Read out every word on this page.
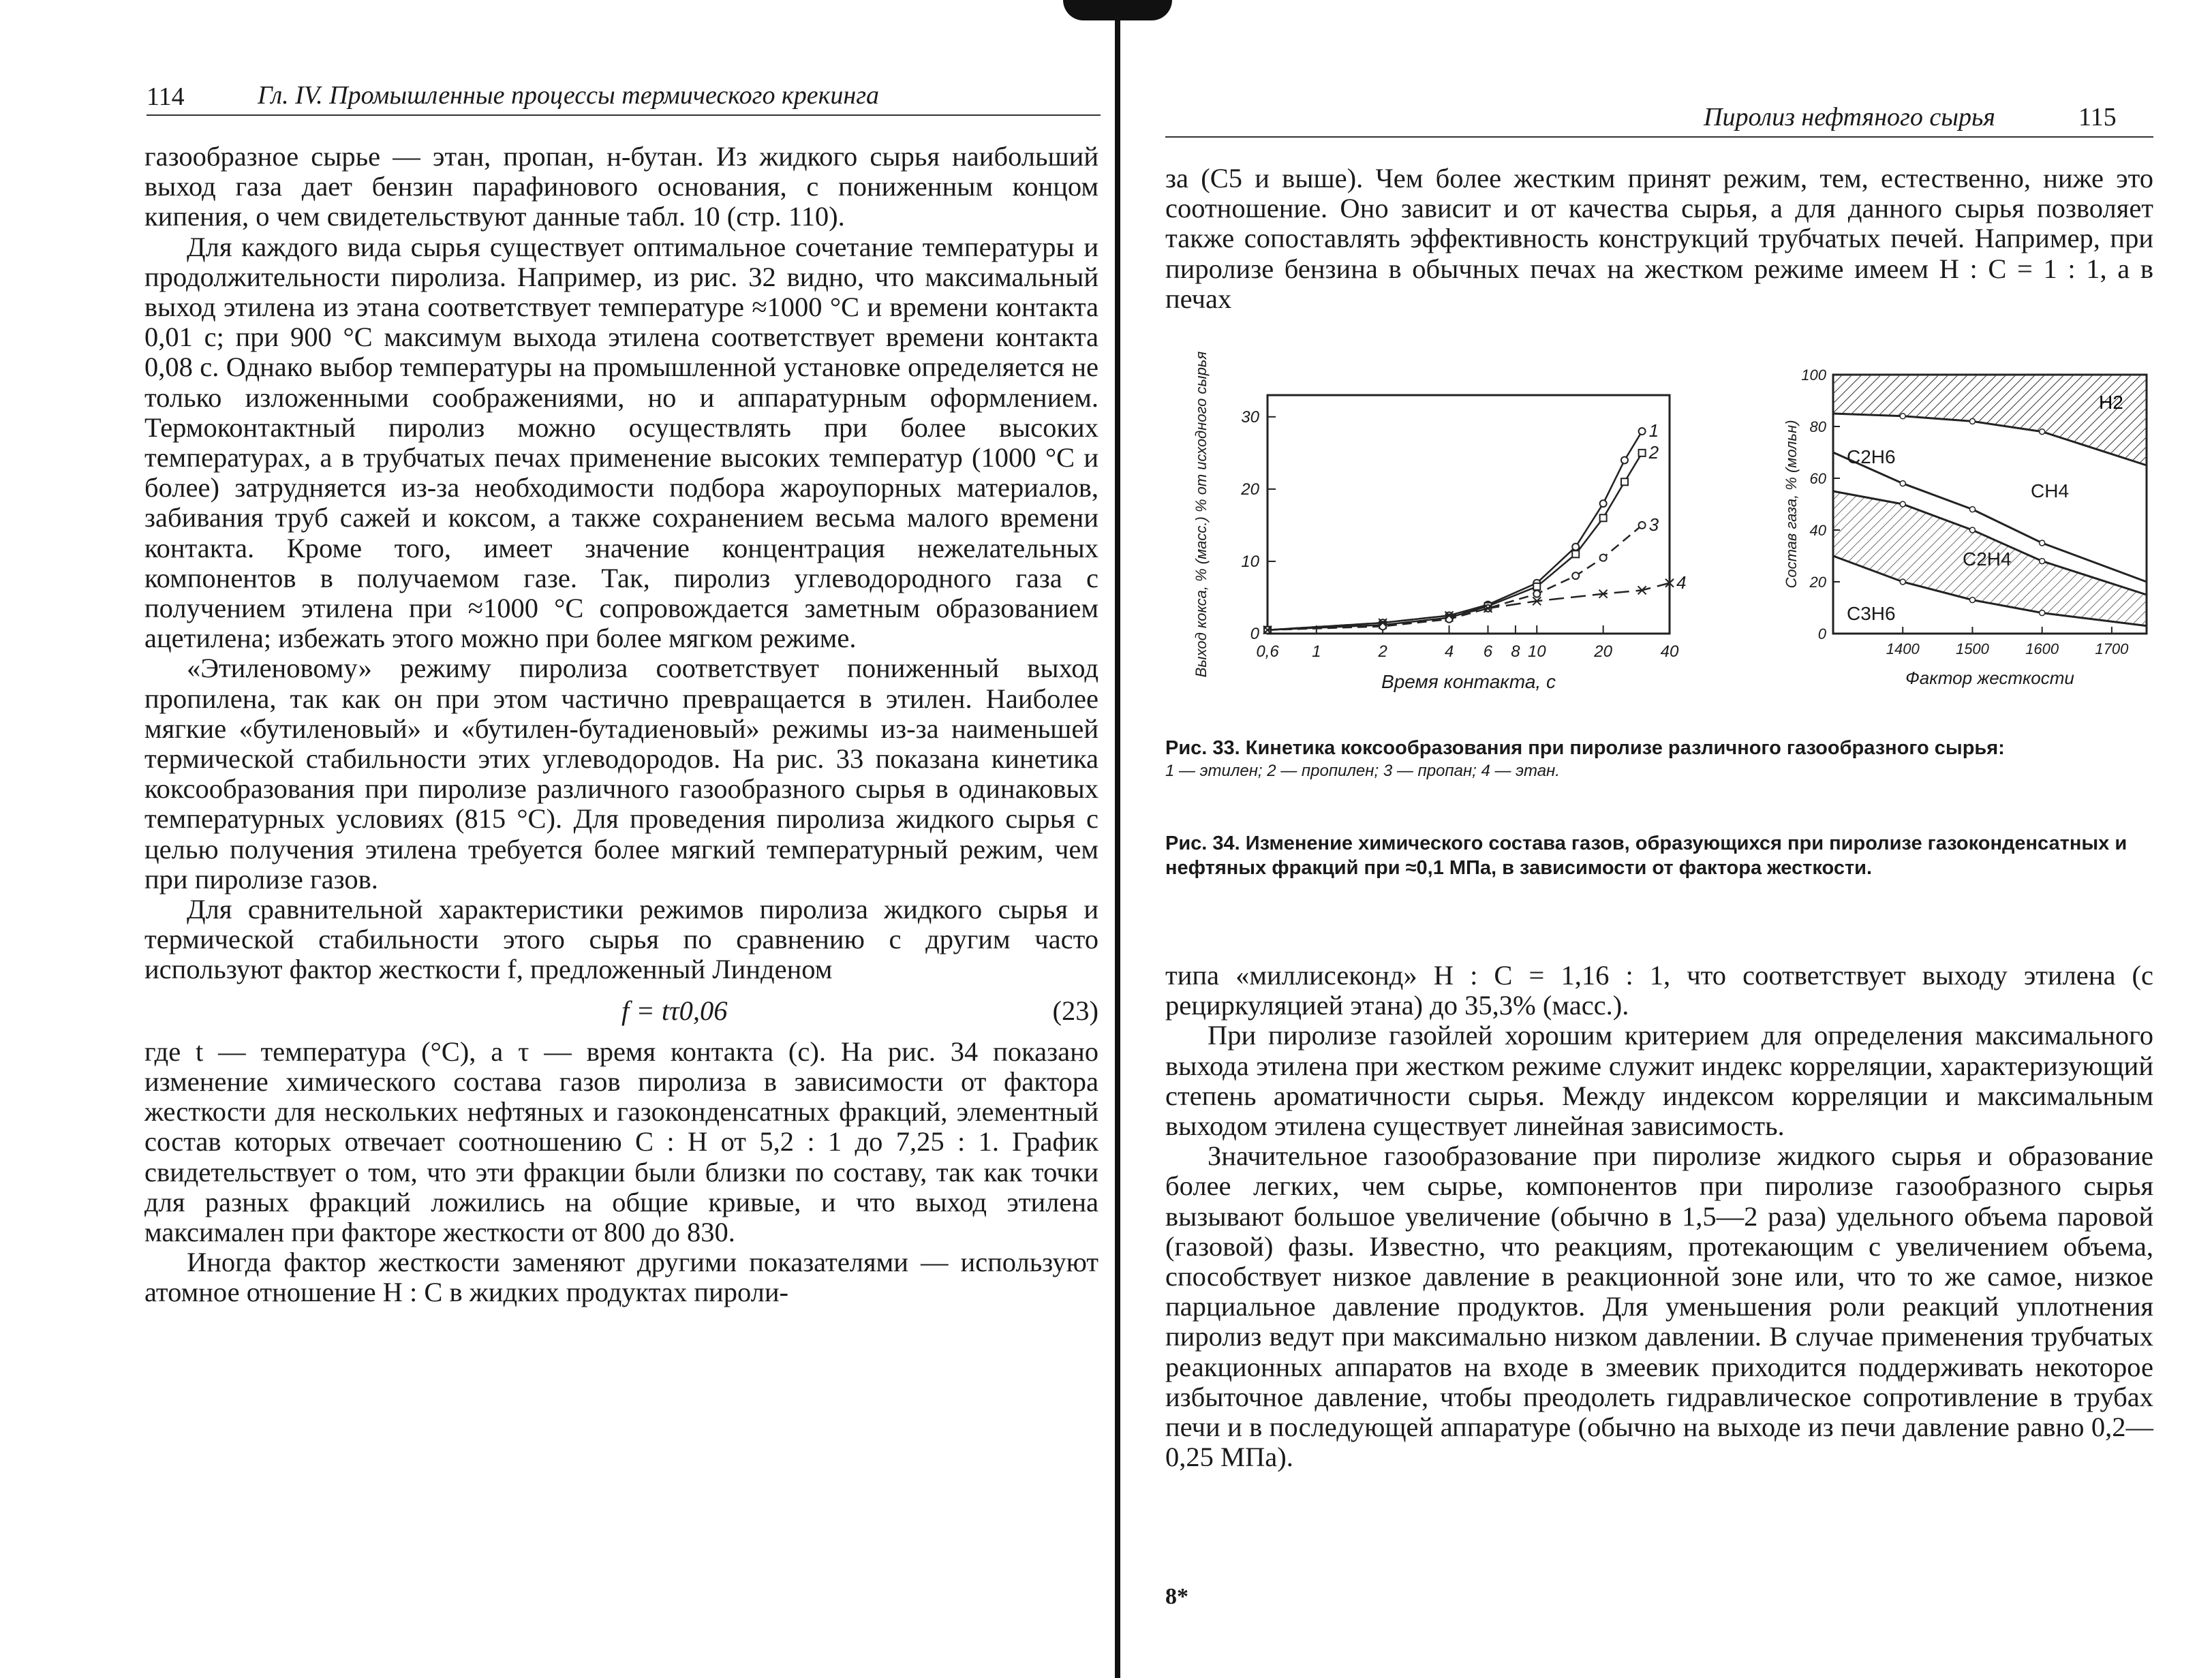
114	Гл. IV. Промышленные процессы термического крекинга

газообразное сырье — этан, пропан, н-бутан. Из жидкого сырья наибольший выход газа дает бензин парафинового основания, с пониженным концом кипения, о чем свидетельствуют данные табл. 10 (стр. 110).

Для каждого вида сырья существует оптимальное сочетание температуры и продолжительности пиролиза. Например, из рис. 32 видно, что максимальный выход этилена из этана соответствует температуре ≈1000 °C и времени контакта 0,01 с; при 900 °C максимум выхода этилена соответствует времени контакта 0,08 с. Однако выбор температуры на промышленной установке определяется не только изложенными соображениями, но и аппаратурным оформлением. Термоконтактный пиролиз можно осуществлять при более высоких температурах, а в трубчатых печах применение высоких температур (1000 °C и более) затрудняется из-за необходимости подбора жароупорных материалов, забивания труб сажей и коксом, а также сохранением весьма малого времени контакта. Кроме того, имеет значение концентрация нежелательных компонентов в получаемом газе. Так, пиролиз углеводородного газа с получением этилена при ≈1000 °C сопровождается заметным образованием ацетилена; избежать этого можно при более мягком режиме.

«Этиленовому» режиму пиролиза соответствует пониженный выход пропилена, так как он при этом частично превращается в этилен. Наиболее мягкие «бутиленовый» и «бутилен-бутадиеновый» режимы из-за наименьшей термической стабильности этих углеводородов. На рис. 33 показана кинетика коксообразования при пиролизе различного газообразного сырья в одинаковых температурных условиях (815 °C). Для проведения пиролиза жидкого сырья с целью получения этилена требуется более мягкий температурный режим, чем при пиролизе газов.

Для сравнительной характеристики режимов пиролиза жидкого сырья и термической стабильности этого сырья по сравнению с другим часто используют фактор жесткости f, предложенный Линденом

f = tτ0,06	(23)

где t — температура (°C), а τ — время контакта (с). На рис. 34 показано изменение химического состава газов пиролиза в зависимости от фактора жесткости для нескольких нефтяных и газоконденсатных фракций, элементный состав которых отвечает соотношению C : H от 5,2 : 1 до 7,25 : 1. График свидетельствует о том, что эти фракции были близки по составу, так как точки для разных фракций ложились на общие кривые, и что выход этилена максимален при факторе жесткости от 800 до 830.

Иногда фактор жесткости заменяют другими показателями — используют атомное отношение H : C в жидких продуктах пироли-

Пиролиз нефтяного сырья	115

за (C5 и выше). Чем более жестким принят режим, тем, естественно, ниже это соотношение. Оно зависит и от качества сырья, а для данного сырья позволяет также сопоставлять эффективность конструкций трубчатых печей. Например, при пиролизе бензина в обычных печах на жестком режиме имеем H : C = 1 : 1, а в печах

0,6 1	2	4 6 8 10	20	40
0
10
20
30
Время контакта, с
Выход кокса, % (масс.) % от исходного сырья	1
2
3
4
1400 1500 1600 1700
0
20
40
60
80
100
Фактор жесткости
Состав газа, % (мольн)
H2
CH4
C2H6
C2H4
C3H6
Рис. 33. Кинетика коксообразования при пиролизе различного газообразного сырья:
1 — этилен; 2 — пропилен; 3 — пропан; 4 — этан.
Рис. 34. Изменение химического состава газов, образующихся при пиролизе газоконденсатных и нефтяных фракций при ≈0,1 МПа, в зависимости от фактора жесткости.

типа «миллисеконд» H : C = 1,16 : 1, что соответствует выходу этилена (с рециркуляцией этана) до 35,3% (масс.).

При пиролизе газойлей хорошим критерием для определения максимального выхода этилена при жестком режиме служит индекс корреляции, характеризующий степень ароматичности сырья. Между индексом корреляции и максимальным выходом этилена существует линейная зависимость.

Значительное газообразование при пиролизе жидкого сырья и образование более легких, чем сырье, компонентов при пиролизе газообразного сырья вызывают большое увеличение (обычно в 1,5—2 раза) удельного объема паровой (газовой) фазы. Известно, что реакциям, протекающим с увеличением объема, способствует низкое давление в реакционной зоне или, что то же самое, низкое парциальное давление продуктов. Для уменьшения роли реакций уплотнения пиролиз ведут при максимально низком давлении. В случае применения трубчатых реакционных аппаратов на входе в змеевик приходится поддерживать некоторое избыточное давление, чтобы преодолеть гидравлическое сопротивление в трубах печи и в последующей аппаратуре (обычно на выходе из печи давление равно 0,2—0,25 МПа).

8*
